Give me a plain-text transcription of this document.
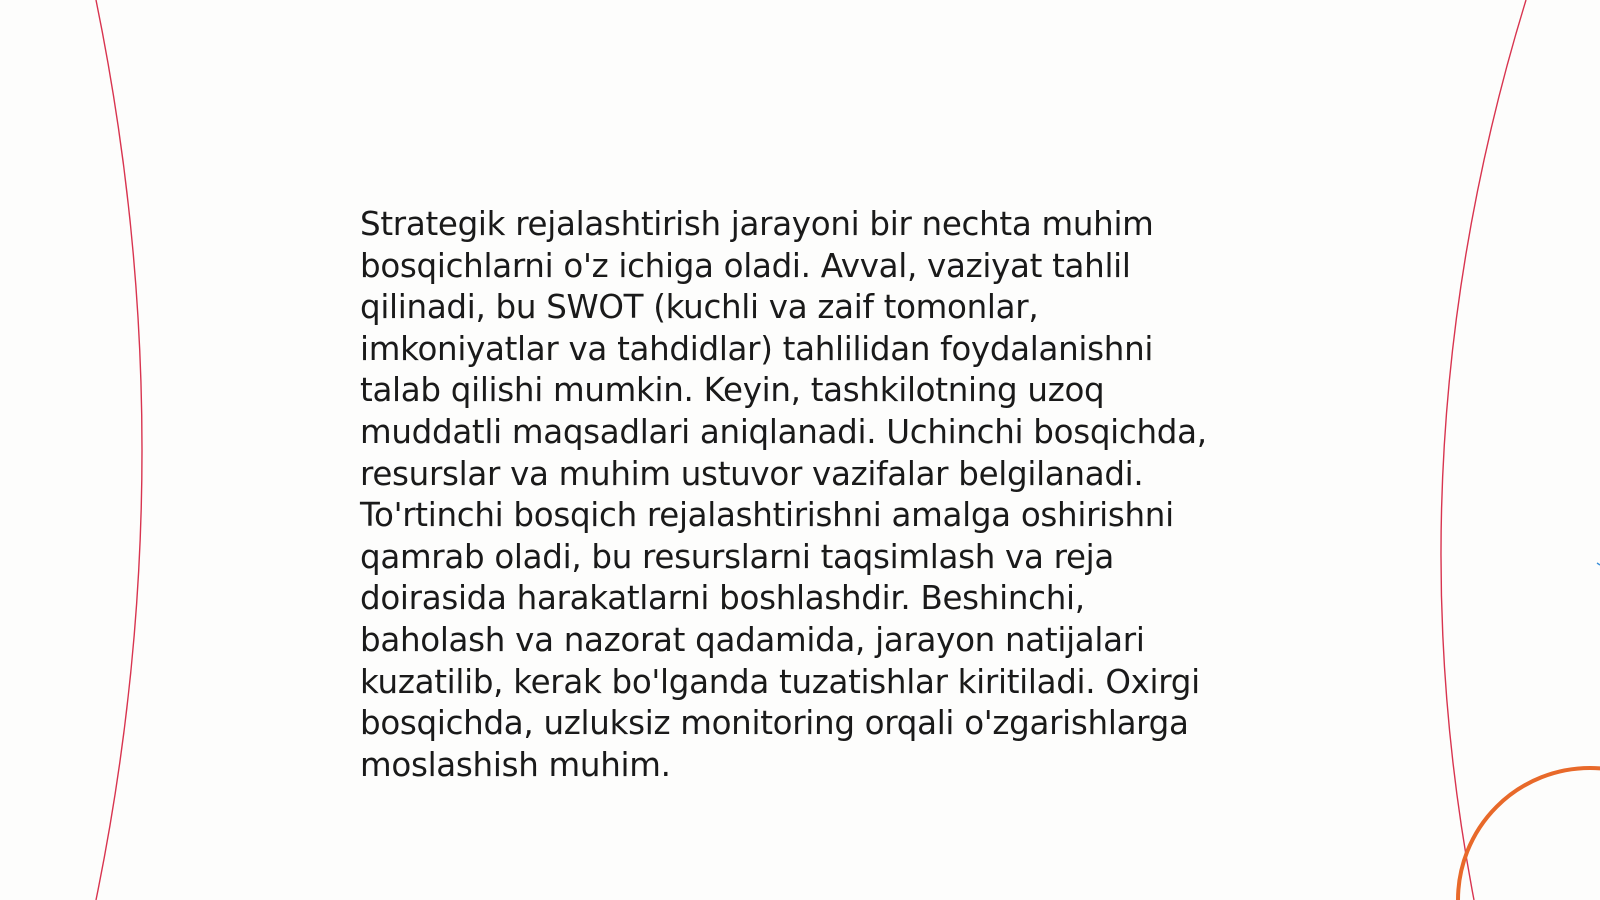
Strategik rejalashtirish jarayoni bir nechta muhim
bosqichlarni o'z ichiga oladi. Avval, vaziyat tahlil
qilinadi, bu SWOT (kuchli va zaif tomonlar,
imkoniyatlar va tahdidlar) tahlilidan foydalanishni
talab qilishi mumkin. Keyin, tashkilotning uzoq
muddatli maqsadlari aniqlanadi. Uchinchi bosqichda,
resurslar va muhim ustuvor vazifalar belgilanadi.
To'rtinchi bosqich rejalashtirishni amalga oshirishni
qamrab oladi, bu resurslarni taqsimlash va reja
doirasida harakatlarni boshlashdir. Beshinchi,
baholash va nazorat qadamida, jarayon natijalari
kuzatilib, kerak bo'lganda tuzatishlar kiritiladi. Oxirgi
bosqichda, uzluksiz monitoring orqali o'zgarishlarga
moslashish muhim.
